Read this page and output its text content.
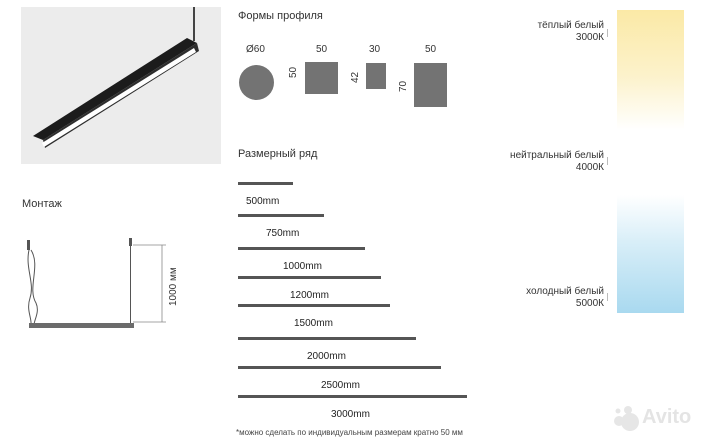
Формы профиля
Размерный ряд
Монтаж
Ø60	50
50
30
42
50
70
1000 мм
500mm
750mm
1000mm
1200mm
1500mm
2000mm
2500mm
3000mm
*можно сделать по индивидуальным размерам кратно 50 мм
тёплый белый
3000К
нейтральный белый
4000К
холодный белый
5000К
Avito
